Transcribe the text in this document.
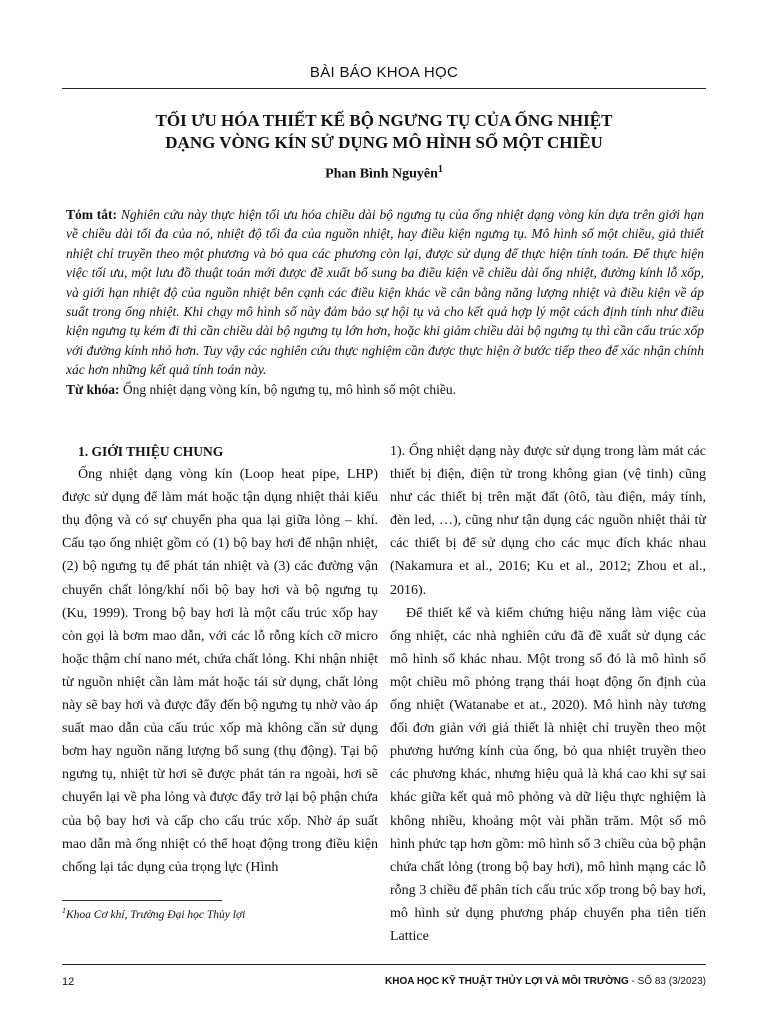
BÀI BÁO KHOA HỌC
TỐI ƯU HÓA THIẾT KẾ BỘ NGƯNG TỤ CỦA ỐNG NHIỆT
DẠNG VÒNG KÍN SỬ DỤNG MÔ HÌNH SỐ MỘT CHIỀU
Phan Bình Nguyên$^1$
Tóm tắt: Nghiên cứu này thực hiện tối ưu hóa chiều dài bộ ngưng tụ của ống nhiệt dạng vòng kín dựa trên giới hạn về chiều dài tối đa của nó, nhiệt độ tối đa của nguồn nhiệt, hay điều kiện ngưng tụ. Mô hình số một chiều, giả thiết nhiệt chỉ truyền theo một phương và bỏ qua các phương còn lại, được sử dụng để thực hiện tính toán. Để thực hiện việc tối ưu, một lưu đồ thuật toán mới được đề xuất bổ sung ba điều kiện về chiều dài ống nhiệt, đường kính lỗ xốp, và giới hạn nhiệt độ của nguồn nhiệt bên cạnh các điều kiện khác về cân bằng năng lượng nhiệt và điều kiện về áp suất trong ống nhiệt. Khi chạy mô hình số này đảm bảo sự hội tụ và cho kết quả hợp lý một cách định tính như điều kiện ngưng tụ kém đi thì cần chiều dài bộ ngưng tụ lớn hơn, hoặc khi giảm chiều dài bộ ngưng tụ thì cần cấu trúc xốp với đường kính nhỏ hơn. Tuy vậy các nghiên cứu thực nghiệm cần được thực hiện ở bước tiếp theo để xác nhận chính xác hơn những kết quả tính toán này.
Từ khóa: Ống nhiệt dạng vòng kín, bộ ngưng tụ, mô hình số một chiều.
1. GIỚI THIỆU CHUNG

Ống nhiệt dạng vòng kín (Loop heat pipe, LHP) được sử dụng để làm mát hoặc tận dụng nhiệt thải kiểu thụ động và có sự chuyển pha qua lại giữa lỏng – khí. Cấu tạo ống nhiệt gồm có (1) bộ bay hơi để nhận nhiệt, (2) bộ ngưng tụ để phát tán nhiệt và (3) các đường vận chuyển chất lỏng/khí nối bộ bay hơi và bộ ngưng tụ (Ku, 1999). Trong bộ bay hơi là một cấu trúc xốp hay còn gọi là bơm mao dẫn, với các lỗ rỗng kích cỡ micro hoặc thậm chí nano mét, chứa chất lỏng. Khi nhận nhiệt từ nguồn nhiệt cần làm mát hoặc tái sử dụng, chất lỏng này sẽ bay hơi và được đẩy đến bộ ngưng tụ nhờ vào áp suất mao dẫn của cấu trúc xốp mà không cần sử dụng bơm hay nguồn năng lượng bổ sung (thụ động). Tại bộ ngưng tụ, nhiệt từ hơi sẽ được phát tán ra ngoài, hơi sẽ chuyển lại về pha lỏng và được đẩy trở lại bộ phận chứa của bộ bay hơi và cấp cho cấu trúc xốp. Nhờ áp suất mao dẫn mà ống nhiệt có thể hoạt động trong điều kiện chống lại tác dụng của trọng lực (Hình

1). Ống nhiệt dạng này được sử dụng trong làm mát các thiết bị điện, điện tử trong không gian (vệ tinh) cũng như các thiết bị trên mặt đất (ôtô, tàu điện, máy tính, đèn led, …), cũng như tận dụng các nguồn nhiệt thải từ các thiết bị để sử dụng cho các mục đích khác nhau (Nakamura et al., 2016; Ku et al., 2012; Zhou et al., 2016).

Để thiết kế và kiểm chứng hiệu năng làm việc của ống nhiệt, các nhà nghiên cứu đã đề xuất sử dụng các mô hình số khác nhau. Một trong số đó là mô hình số một chiều mô phỏng trạng thái hoạt động ổn định của ống nhiệt (Watanabe et at., 2020). Mô hình này tương đối đơn giản với giả thiết là nhiệt chỉ truyền theo một phương hướng kính của ống, bỏ qua nhiệt truyền theo các phương khác, nhưng hiệu quả là khá cao khi sự sai khác giữa kết quả mô phỏng và dữ liệu thực nghiệm là không nhiều, khoảng một vài phần trăm. Một số mô hình phức tạp hơn gồm: mô hình số 3 chiều của bộ phận chứa chất lỏng (trong bộ bay hơi), mô hình mạng các lỗ rỗng 3 chiều để phân tích cấu trúc xốp trong bộ bay hơi, mô hình sử dụng phương pháp chuyển pha tiên tiến Lattice

$^1$Khoa Cơ khí, Trường Đại học Thủy lợi
12	KHOA HỌC KỸ THUẬT THỦY LỢI VÀ MÔI TRƯỜNG - SỐ 83 (3/2023)
